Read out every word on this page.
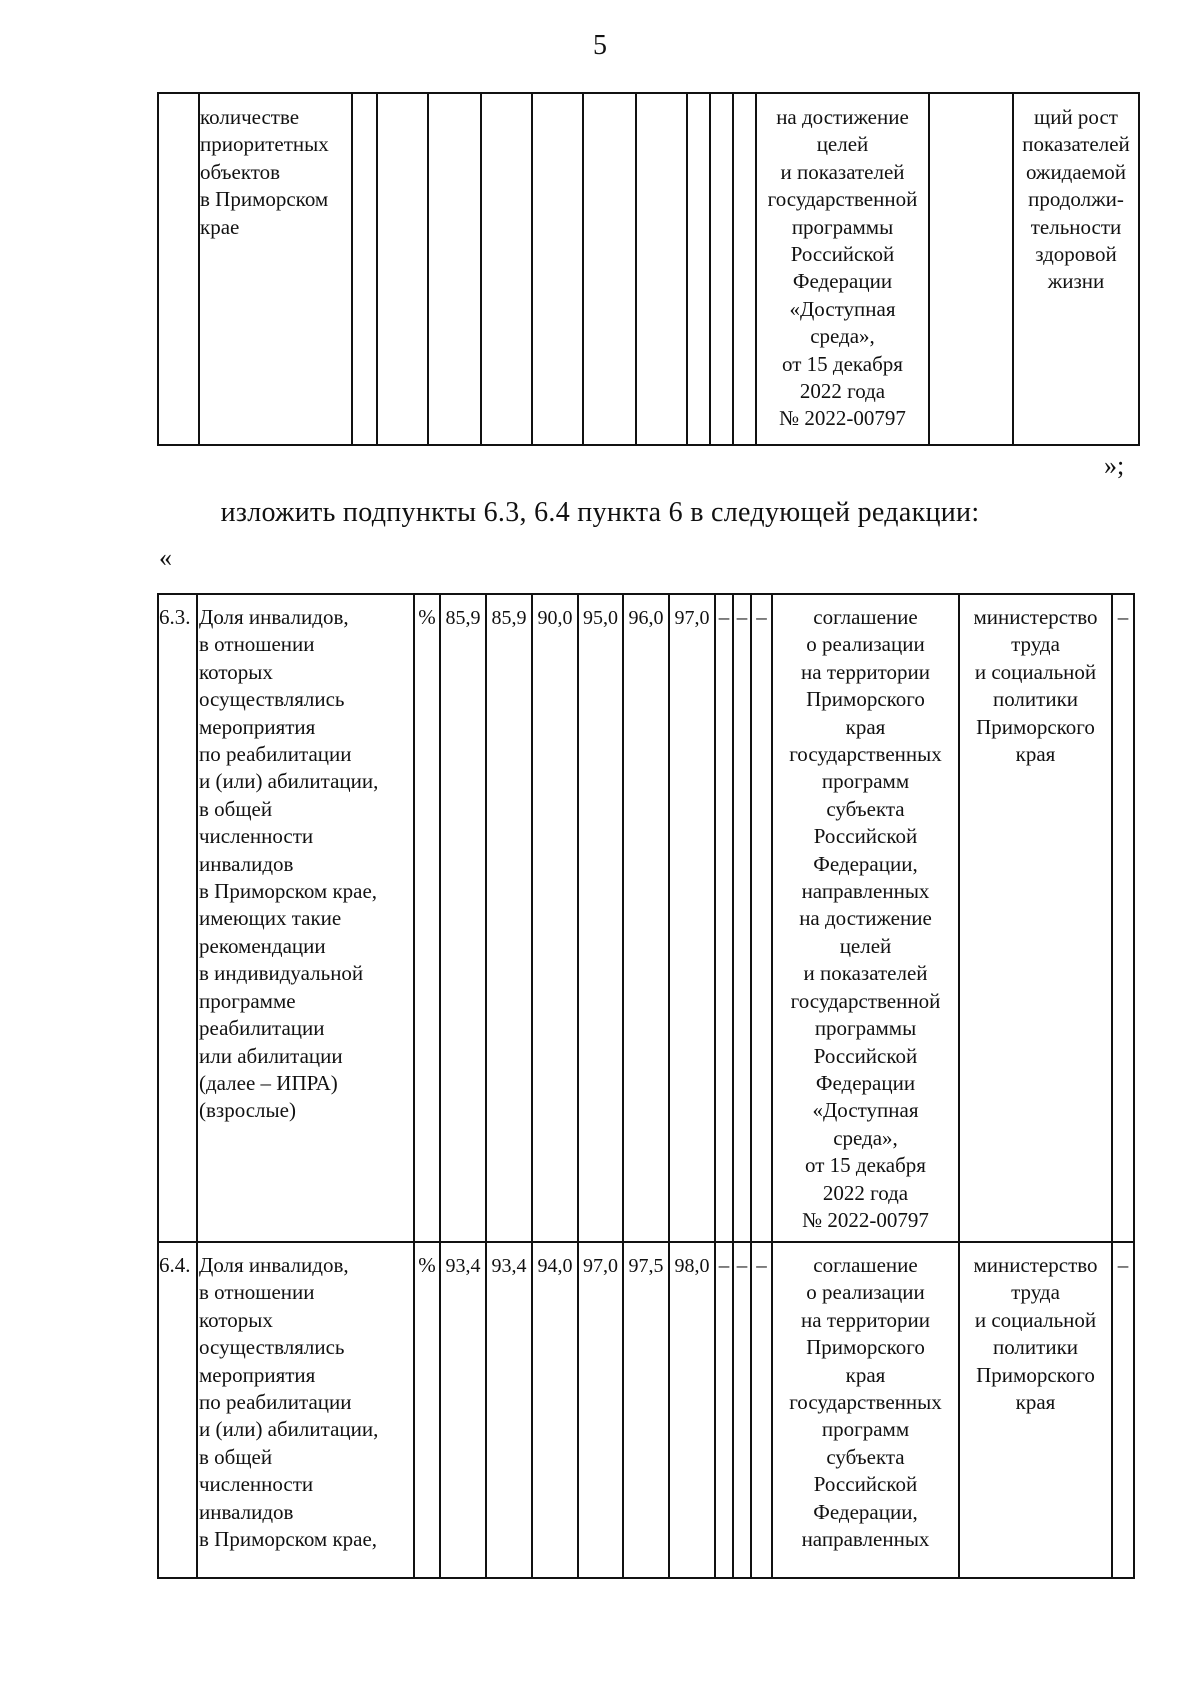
5
количестве
приоритетных
объектов
в Приморском
крае
на достижение
целей
и показателей
государственной
программы
Российской
Федерации
«Доступная
среда»,
от 15 декабря
2022 года
№ 2022-00797
щий рост
показателей
ожидаемой
продолжи-
тельности
здоровой
жизни
»;
изложить подпункты 6.3, 6.4 пункта 6 в следующей редакции:
«
6.3. Доля инвалидов,
в отношении
которых
осуществлялись
мероприятия
по реабилитации
и (или) абилитации,
в общей
численности
инвалидов
в Приморском крае,
имеющих такие
рекомендации
в индивидуальной
программе
реабилитации
или абилитации
(далее – ИПРА)
(взрослые)
% 85,9 85,9 90,0 95,0 96,0 97,0 – – –	соглашение
о реализации
на территории
Приморского
края
государственных
программ
субъекта
Российской
Федерации,
направленных
на достижение
целей
и показателей
государственной
программы
Российской
Федерации
«Доступная
среда»,
от 15 декабря
2022 года
№ 2022-00797
министерство
труда
и социальной
политики
Приморского
края
–
6.4. Доля инвалидов,
в отношении
которых
осуществлялись
мероприятия
по реабилитации
и (или) абилитации,
в общей
численности
инвалидов
в Приморском крае,
% 93,4 93,4 94,0 97,0 97,5 98,0 – – –	соглашение
о реализации
на территории
Приморского
края
государственных
программ
субъекта
Российской
Федерации,
направленных
министерство
труда
и социальной
политики
Приморского
края
–
